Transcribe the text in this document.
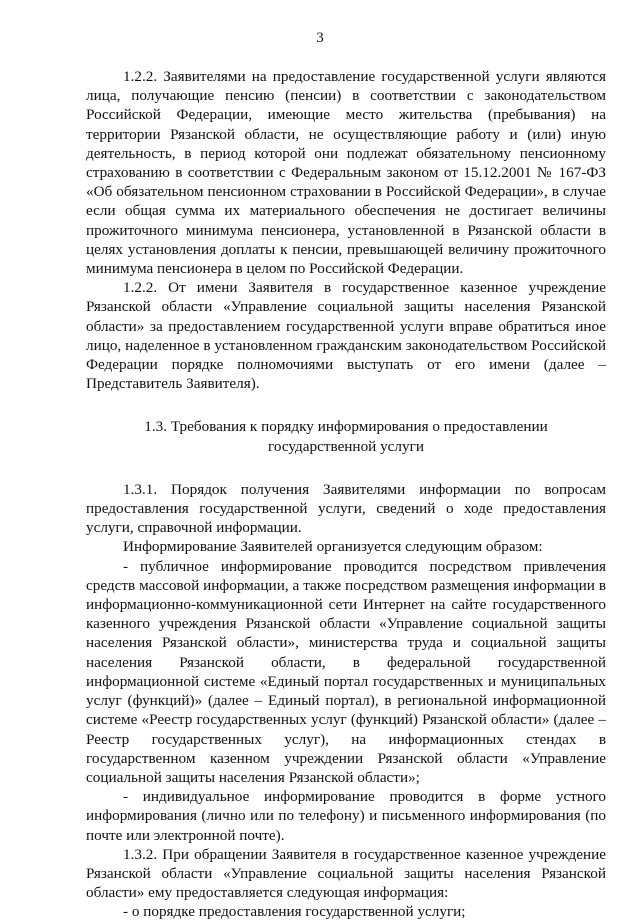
3

1.2.2. Заявителями на предоставление государственной услуги являются лица, получающие пенсию (пенсии) в соответствии с законодательством Российской Федерации, имеющие место жительства (пребывания) на территории Рязанской области, не осуществляющие работу и (или) иную деятельность, в период которой они подлежат обязательному пенсионному страхованию в соответствии с Федеральным законом от 15.12.2001 № 167-ФЗ «Об обязательном пенсионном страховании в Российской Федерации», в случае если общая сумма их материального обеспечения не достигает величины прожиточного минимума пенсионера, установленной в Рязанской области в целях установления доплаты к пенсии, превышающей величину прожиточного минимума пенсионера в целом по Российской Федерации.

1.2.2. От имени Заявителя в государственное казенное учреждение Рязанской области «Управление социальной защиты населения Рязанской области» за предоставлением государственной услуги вправе обратиться иное лицо, наделенное в установленном гражданским законодательством Российской Федерации порядке полномочиями выступать от его имени (далее – Представитель Заявителя).

1.3. Требования к порядку информирования о предоставлении государственной услуги

1.3.1. Порядок получения Заявителями информации по вопросам предоставления государственной услуги, сведений о ходе предоставления услуги, справочной информации.

Информирование Заявителей организуется следующим образом:

- публичное информирование проводится посредством привлечения средств массовой информации, а также посредством размещения информации в информационно-коммуникационной сети Интернет на сайте государственного казенного учреждения Рязанской области «Управление социальной защиты населения Рязанской области», министерства труда и социальной защиты населения Рязанской области, в федеральной государственной информационной системе «Единый портал государственных и муниципальных услуг (функций)» (далее – Единый портал), в региональной информационной системе «Реестр государственных услуг (функций) Рязанской области» (далее – Реестр государственных услуг), на информационных стендах в государственном казенном учреждении Рязанской области «Управление социальной защиты населения Рязанской области»;

- индивидуальное информирование проводится в форме устного информирования (лично или по телефону) и письменного информирования (по почте или электронной почте).

1.3.2. При обращении Заявителя в государственное казенное учреждение Рязанской области «Управление социальной защиты населения Рязанской области» ему предоставляется следующая информация:

- о порядке предоставления государственной услуги;
